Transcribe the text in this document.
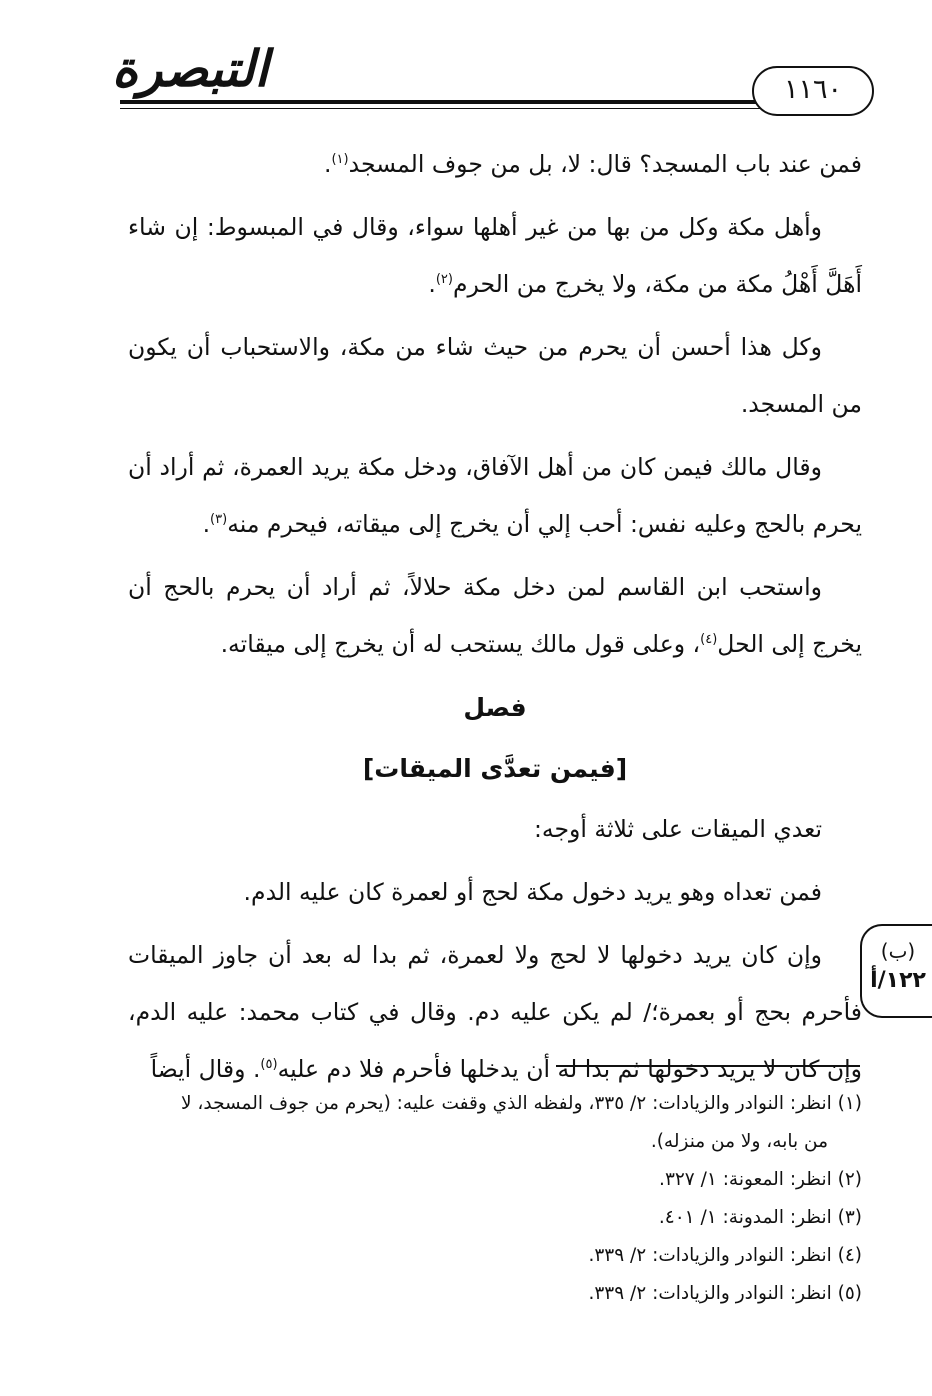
التبصرة	١١٦٠

فمن عند باب المسجد؟ قال: لا، بل من جوف المسجد$^{(١)}$.

وأهل مكة وكل من بها من غير أهلها سواء، وقال في المبسوط: إن شاء أَهَلَّ أَهْلُ مكة من مكة، ولا يخرج من الحرم$^{(٢)}$.

وكل هذا أحسن أن يحرم من حيث شاء من مكة، والاستحباب أن يكون من المسجد.

وقال مالك فيمن كان من أهل الآفاق، ودخل مكة يريد العمرة، ثم أراد أن يحرم بالحج وعليه نفس: أحب إلي أن يخرج إلى ميقاته، فيحرم منه$^{(٣)}$.

واستحب ابن القاسم لمن دخل مكة حلالاً، ثم أراد أن يحرم بالحج أن يخرج إلى الحل$^{(٤)}$، وعلى قول مالك يستحب له أن يخرج إلى ميقاته.

فصل

[فيمن تعدَّى الميقات]

تعدي الميقات على ثلاثة أوجه:

فمن تعداه وهو يريد دخول مكة لحج أو لعمرة كان عليه الدم.

وإن كان يريد دخولها لا لحج ولا لعمرة، ثم بدا له بعد أن جاوز الميقات فأحرم بحج أو بعمرة؛/ لم يكن عليه دم. وقال في كتاب محمد: عليه الدم، وإن كان لا يريد دخولها ثم بدا له أن يدخلها فأحرم فلا دم عليه$^{(٥)}$. وقال أيضاً

(ب)
١٢٢/أ
(١) انظر: النوادر والزيادات: ٢/ ٣٣٥، ولفظه الذي وقفت عليه: (يحرم من جوف المسجد، لا
من بابه، ولا من منزله).
(٢) انظر: المعونة: ١/ ٣٢٧.
(٣) انظر: المدونة: ١/ ٤٠١.
(٤) انظر: النوادر والزيادات: ٢/ ٣٣٩.
(٥) انظر: النوادر والزيادات: ٢/ ٣٣٩.
